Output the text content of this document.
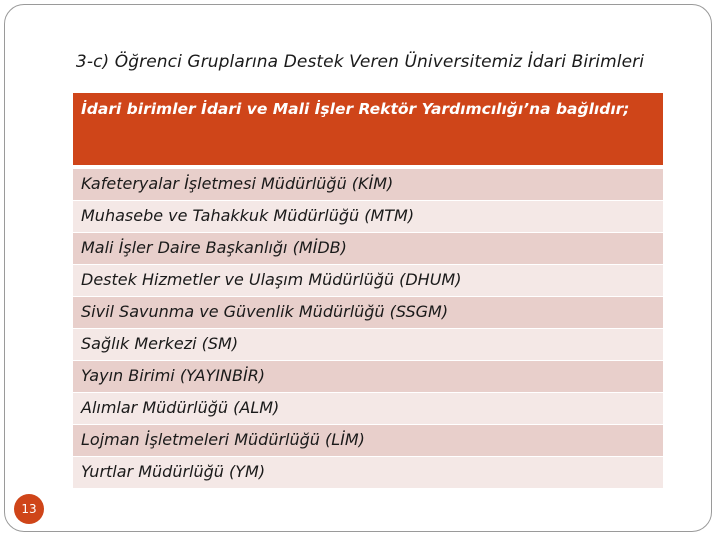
3-c) Öğrenci Gruplarına Destek Veren Üniversitemiz İdari Birimleri
İdari birimler İdari ve Mali İşler Rektör Yardımcılığı’na bağlıdır;
Kafeteryalar İşletmesi Müdürlüğü (KİM)
Muhasebe ve Tahakkuk Müdürlüğü (MTM)
Mali İşler Daire Başkanlığı (MİDB)
Destek Hizmetler ve Ulaşım Müdürlüğü (DHUM)
Sivil Savunma ve Güvenlik Müdürlüğü (SSGM)
Sağlık Merkezi (SM)
Yayın Birimi (YAYINBİR)
Alımlar Müdürlüğü (ALM)
Lojman İşletmeleri Müdürlüğü (LİM)
Yurtlar Müdürlüğü (YM)
13
